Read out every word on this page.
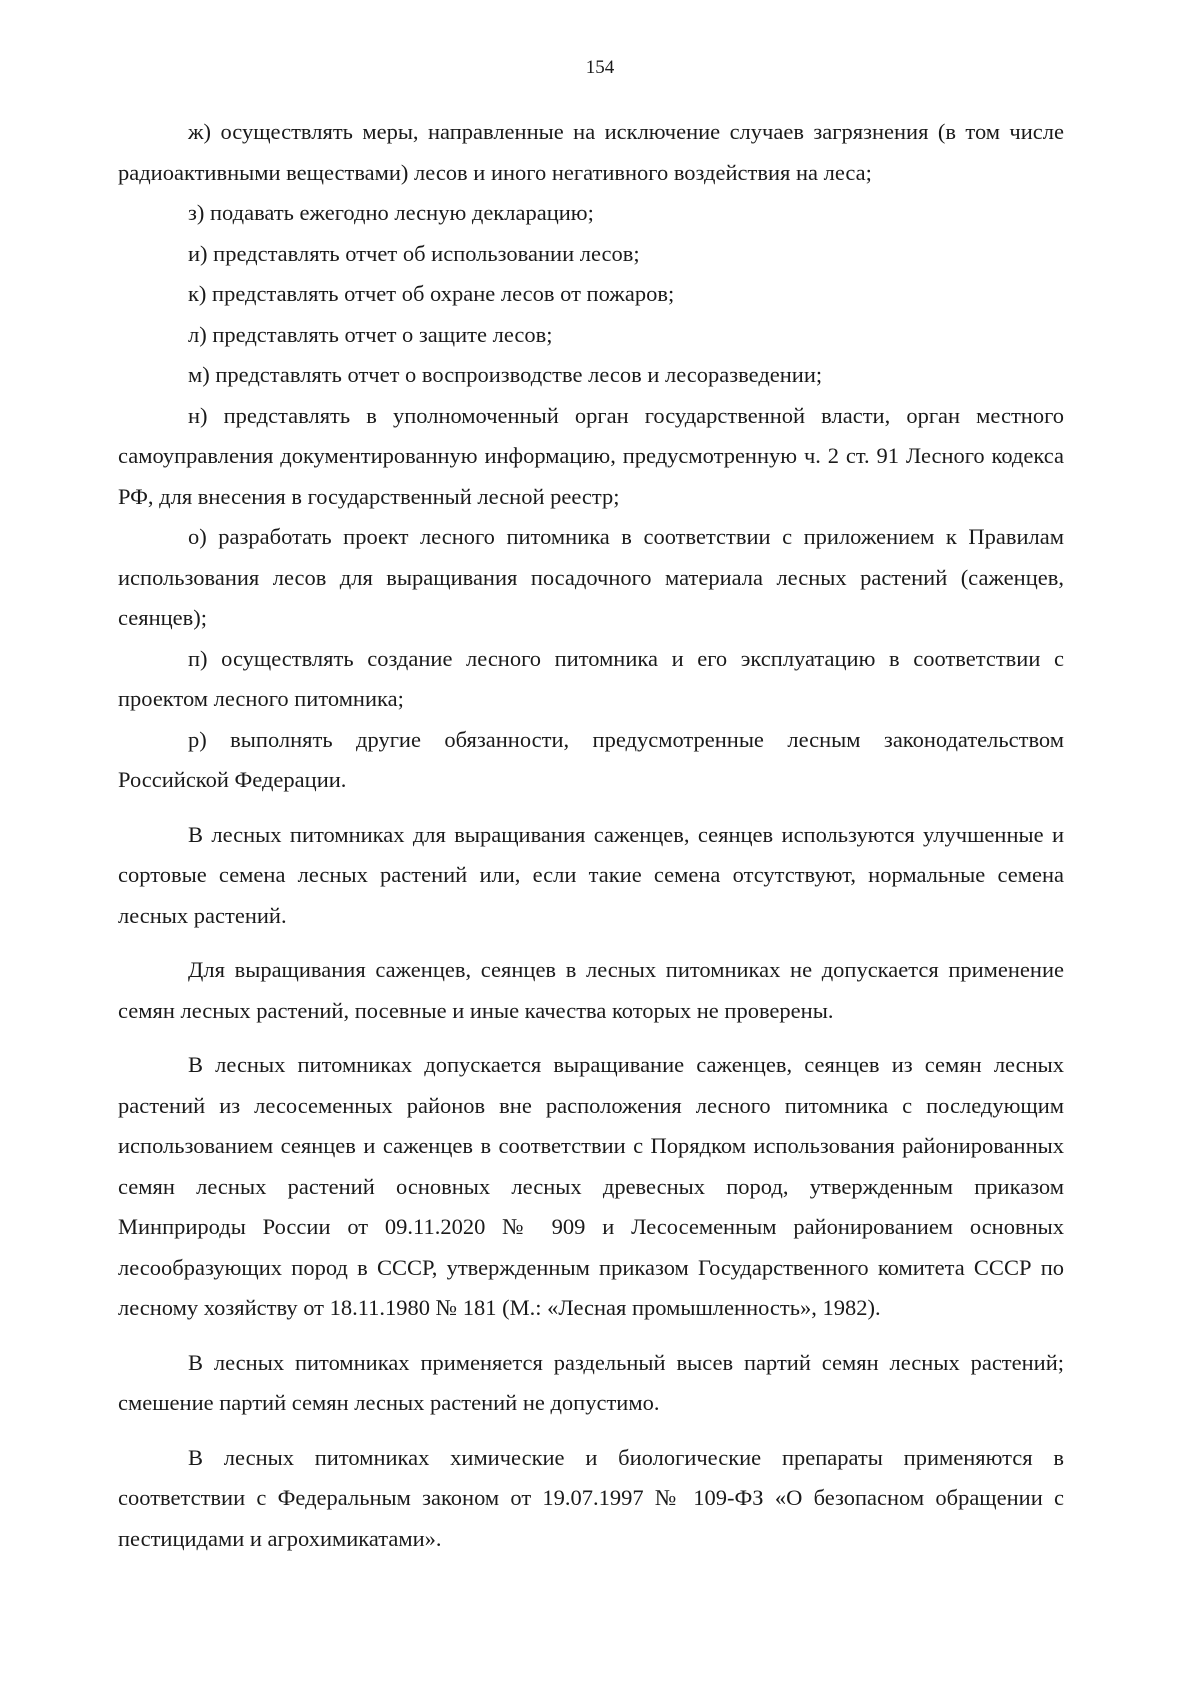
154

ж) осуществлять меры, направленные на исключение случаев загрязнения (в том числе радиоактивными веществами) лесов и иного негативного воздействия на леса;

з) подавать ежегодно лесную декларацию;

и) представлять отчет об использовании лесов;

к) представлять отчет об охране лесов от пожаров;

л) представлять отчет о защите лесов;

м) представлять отчет о воспроизводстве лесов и лесоразведении;

н) представлять в уполномоченный орган государственной власти, орган местного самоуправления документированную информацию, предусмотренную ч. 2 ст. 91 Лесного кодекса РФ, для внесения в государственный лесной реестр;

о) разработать проект лесного питомника в соответствии с приложением к Правилам использования лесов для выращивания посадочного материала лесных растений (саженцев, сеянцев);

п) осуществлять создание лесного питомника и его эксплуатацию в соответствии с проектом лесного питомника;

р) выполнять другие обязанности, предусмотренные лесным законодательством Российской Федерации.

В лесных питомниках для выращивания саженцев, сеянцев используются улучшенные и сортовые семена лесных растений или, если такие семена отсутствуют, нормальные семена лесных растений.

Для выращивания саженцев, сеянцев в лесных питомниках не допускается применение семян лесных растений, посевные и иные качества которых не проверены.

В лесных питомниках допускается выращивание саженцев, сеянцев из семян лесных растений из лесосеменных районов вне расположения лесного питомника с последующим использованием сеянцев и саженцев в соответствии с Порядком использования районированных семян лесных растений основных лесных древесных пород, утвержденным приказом Минприроды России от 09.11.2020 № 909 и Лесосеменным районированием основных лесообразующих пород в СССР, утвержденным приказом Государственного комитета СССР по лесному хозяйству от 18.11.1980 № 181 (М.: «Лесная промышленность», 1982).

В лесных питомниках применяется раздельный высев партий семян лесных растений; смешение партий семян лесных растений не допустимо.

В лесных питомниках химические и биологические препараты применяются в соответствии с Федеральным законом от 19.07.1997 № 109-ФЗ «О безопасном обращении с пестицидами и агрохимикатами».
